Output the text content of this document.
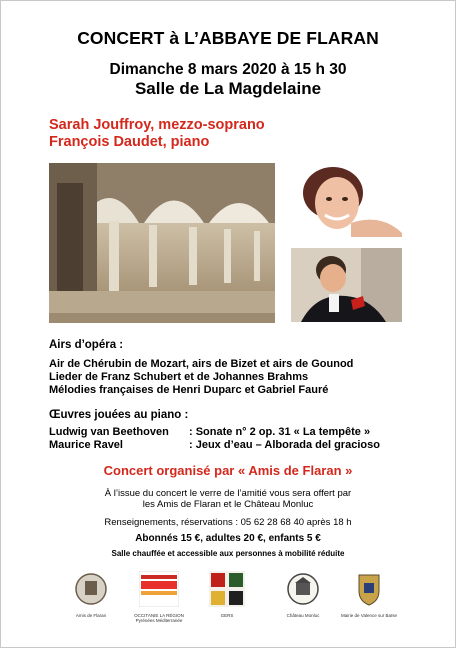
CONCERT à L’ABBAYE DE FLARAN
Dimanche 8 mars 2020 à 15 h 30
Salle de La Magdelaine
Sarah Jouffroy, mezzo-soprano
François Daudet, piano
Airs d’opéra :
Air de Chérubin de Mozart, airs de Bizet et airs de Gounod
Lieder de Franz Schubert et de Johannes Brahms
Mélodies françaises de Henri Duparc et Gabriel Fauré
Œuvres jouées au piano :
Ludwig van Beethoven : Sonate n° 2 op. 31 « La tempête »
Maurice Ravel	: Jeux d’eau – Alborada del gracioso
Concert organisé par « Amis de Flaran »
À l’issue du concert le verre de l’amitié vous sera offert par
les Amis de Flaran et le Château Monluc
Renseignements, réservations : 05 62 28 68 40 après 18 h
Abonnés 15 €, adultes 20 €, enfants 5 €
Salle chauffée et accessible aux personnes à mobilité réduite
Amis de Flaran	OCCITANIE LA RÉGION Pyrénées Méditerranée
GERS	Château Monluc	Mairie de Valence sur Baïse
